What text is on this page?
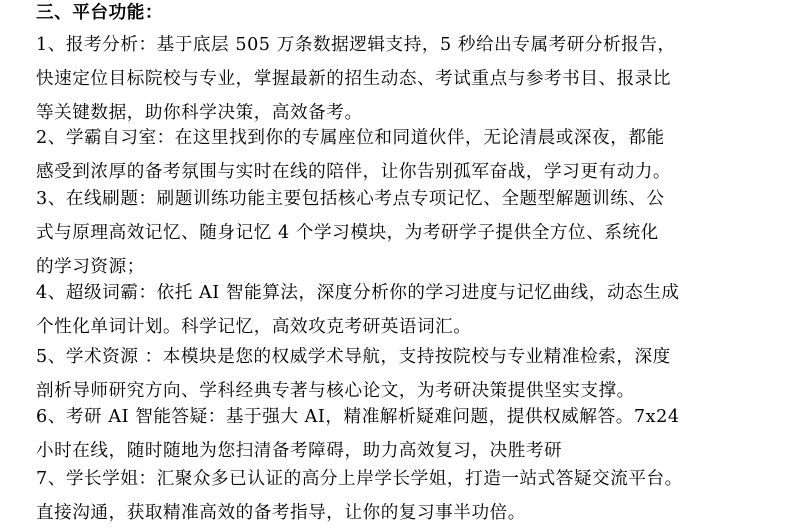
三、平台功能：
1、报考分析：基于底层 505 万条数据逻辑支持，5 秒给出专属考研分析报告，
快速定位目标院校与专业，掌握最新的招生动态、考试重点与参考书目、报录比
等关键数据，助你科学决策，高效备考。
2、学霸自习室：在这里找到你的专属座位和同道伙伴，无论清晨或深夜，都能
感受到浓厚的备考氛围与实时在线的陪伴，让你告别孤军奋战，学习更有动力。
3、在线刷题：刷题训练功能主要包括核心考点专项记忆、全题型解题训练、公
式与原理高效记忆、随身记忆 4 个学习模块，为考研学子提供全方位、系统化
的学习资源；
4、超级词霸：依托 AI 智能算法，深度分析你的学习进度与记忆曲线，动态生成
个性化单词计划。科学记忆，高效攻克考研英语词汇。
5、学术资源 ：本模块是您的权威学术导航，支持按院校与专业精准检索，深度
剖析导师研究方向、学科经典专著与核心论文，为考研决策提供坚实支撑。
6、考研 AI 智能答疑：基于强大 AI，精准解析疑难问题，提供权威解答。7x24
小时在线，随时随地为您扫清备考障碍，助力高效复习，决胜考研
7、学长学姐：汇聚众多已认证的高分上岸学长学姐，打造一站式答疑交流平台。
直接沟通，获取精准高效的备考指导，让你的复习事半功倍。
